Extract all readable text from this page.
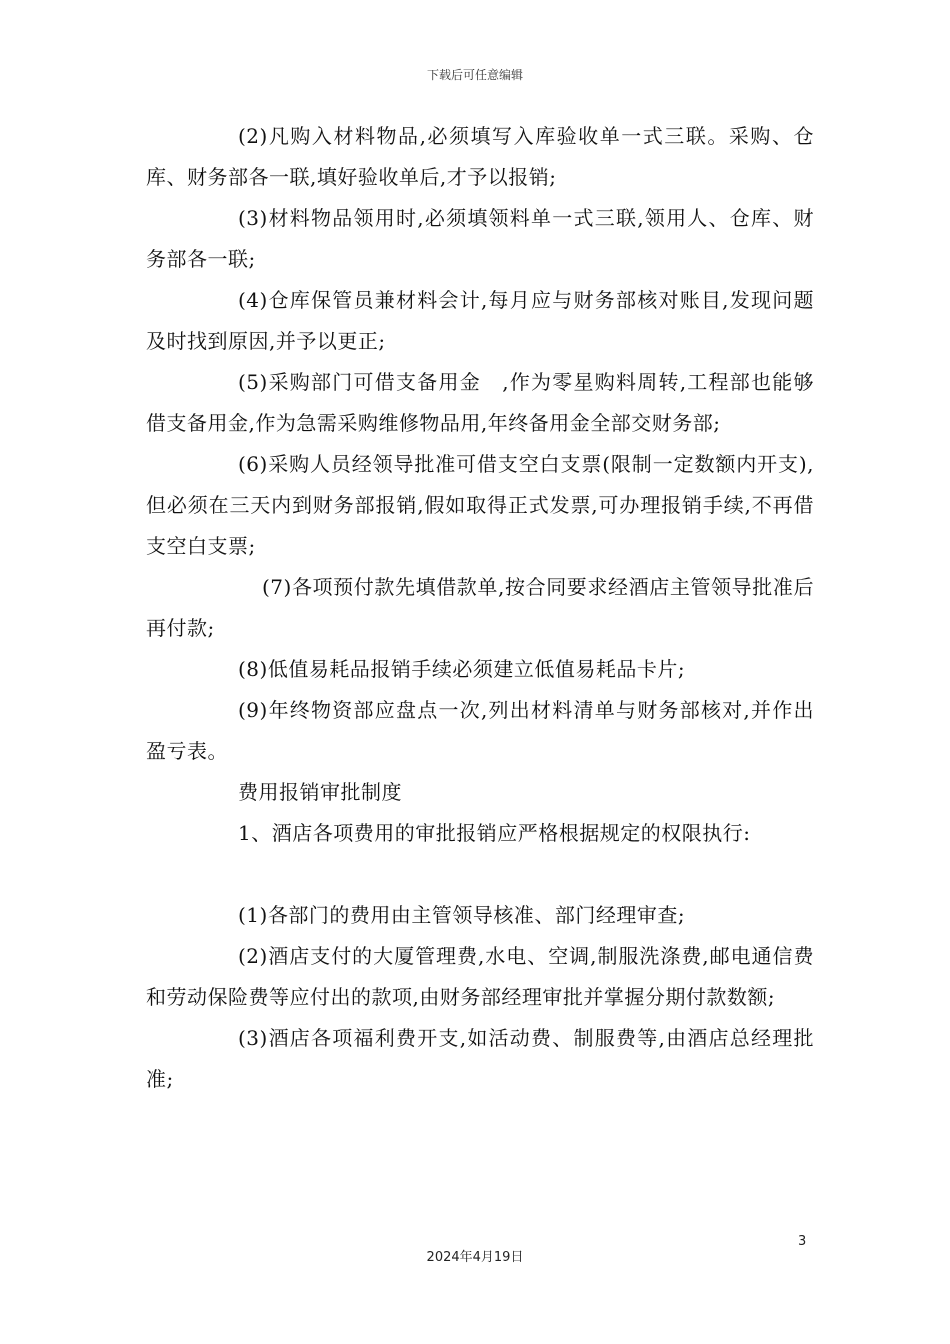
下载后可任意编辑

(2)凡购入材料物品,必须填写入库验收单一式三联。采购、仓库、财务部各一联,填好验收单后,才予以报销;

(3)材料物品领用时,必须填领料单一式三联,领用人、仓库、财务部各一联;

(4)仓库保管员兼材料会计,每月应与财务部核对账目,发现问题及时找到原因,并予以更正;

(5)采购部门可借支备用金　,作为零星购料周转,工程部也能够借支备用金,作为急需采购维修物品用,年终备用金全部交财务部;

(6)采购人员经领导批准可借支空白支票(限制一定数额内开支),但必须在三天内到财务部报销,假如取得正式发票,可办理报销手续,不再借支空白支票;

(7)各项预付款先填借款单,按合同要求经酒店主管领导批准后再付款;

(8)低值易耗品报销手续必须建立低值易耗品卡片;

(9)年终物资部应盘点一次,列出材料清单与财务部核对,并作出盈亏表。

费用报销审批制度

1、酒店各项费用的审批报销应严格根据规定的权限执行:

(1)各部门的费用由主管领导核准、部门经理审查;

(2)酒店支付的大厦管理费,水电、空调,制服洗涤费,邮电通信费和劳动保险费等应付出的款项,由财务部经理审批并掌握分期付款数额;

(3)酒店各项福利费开支,如活动费、制服费等,由酒店总经理批准;

3
2024年4月19日
